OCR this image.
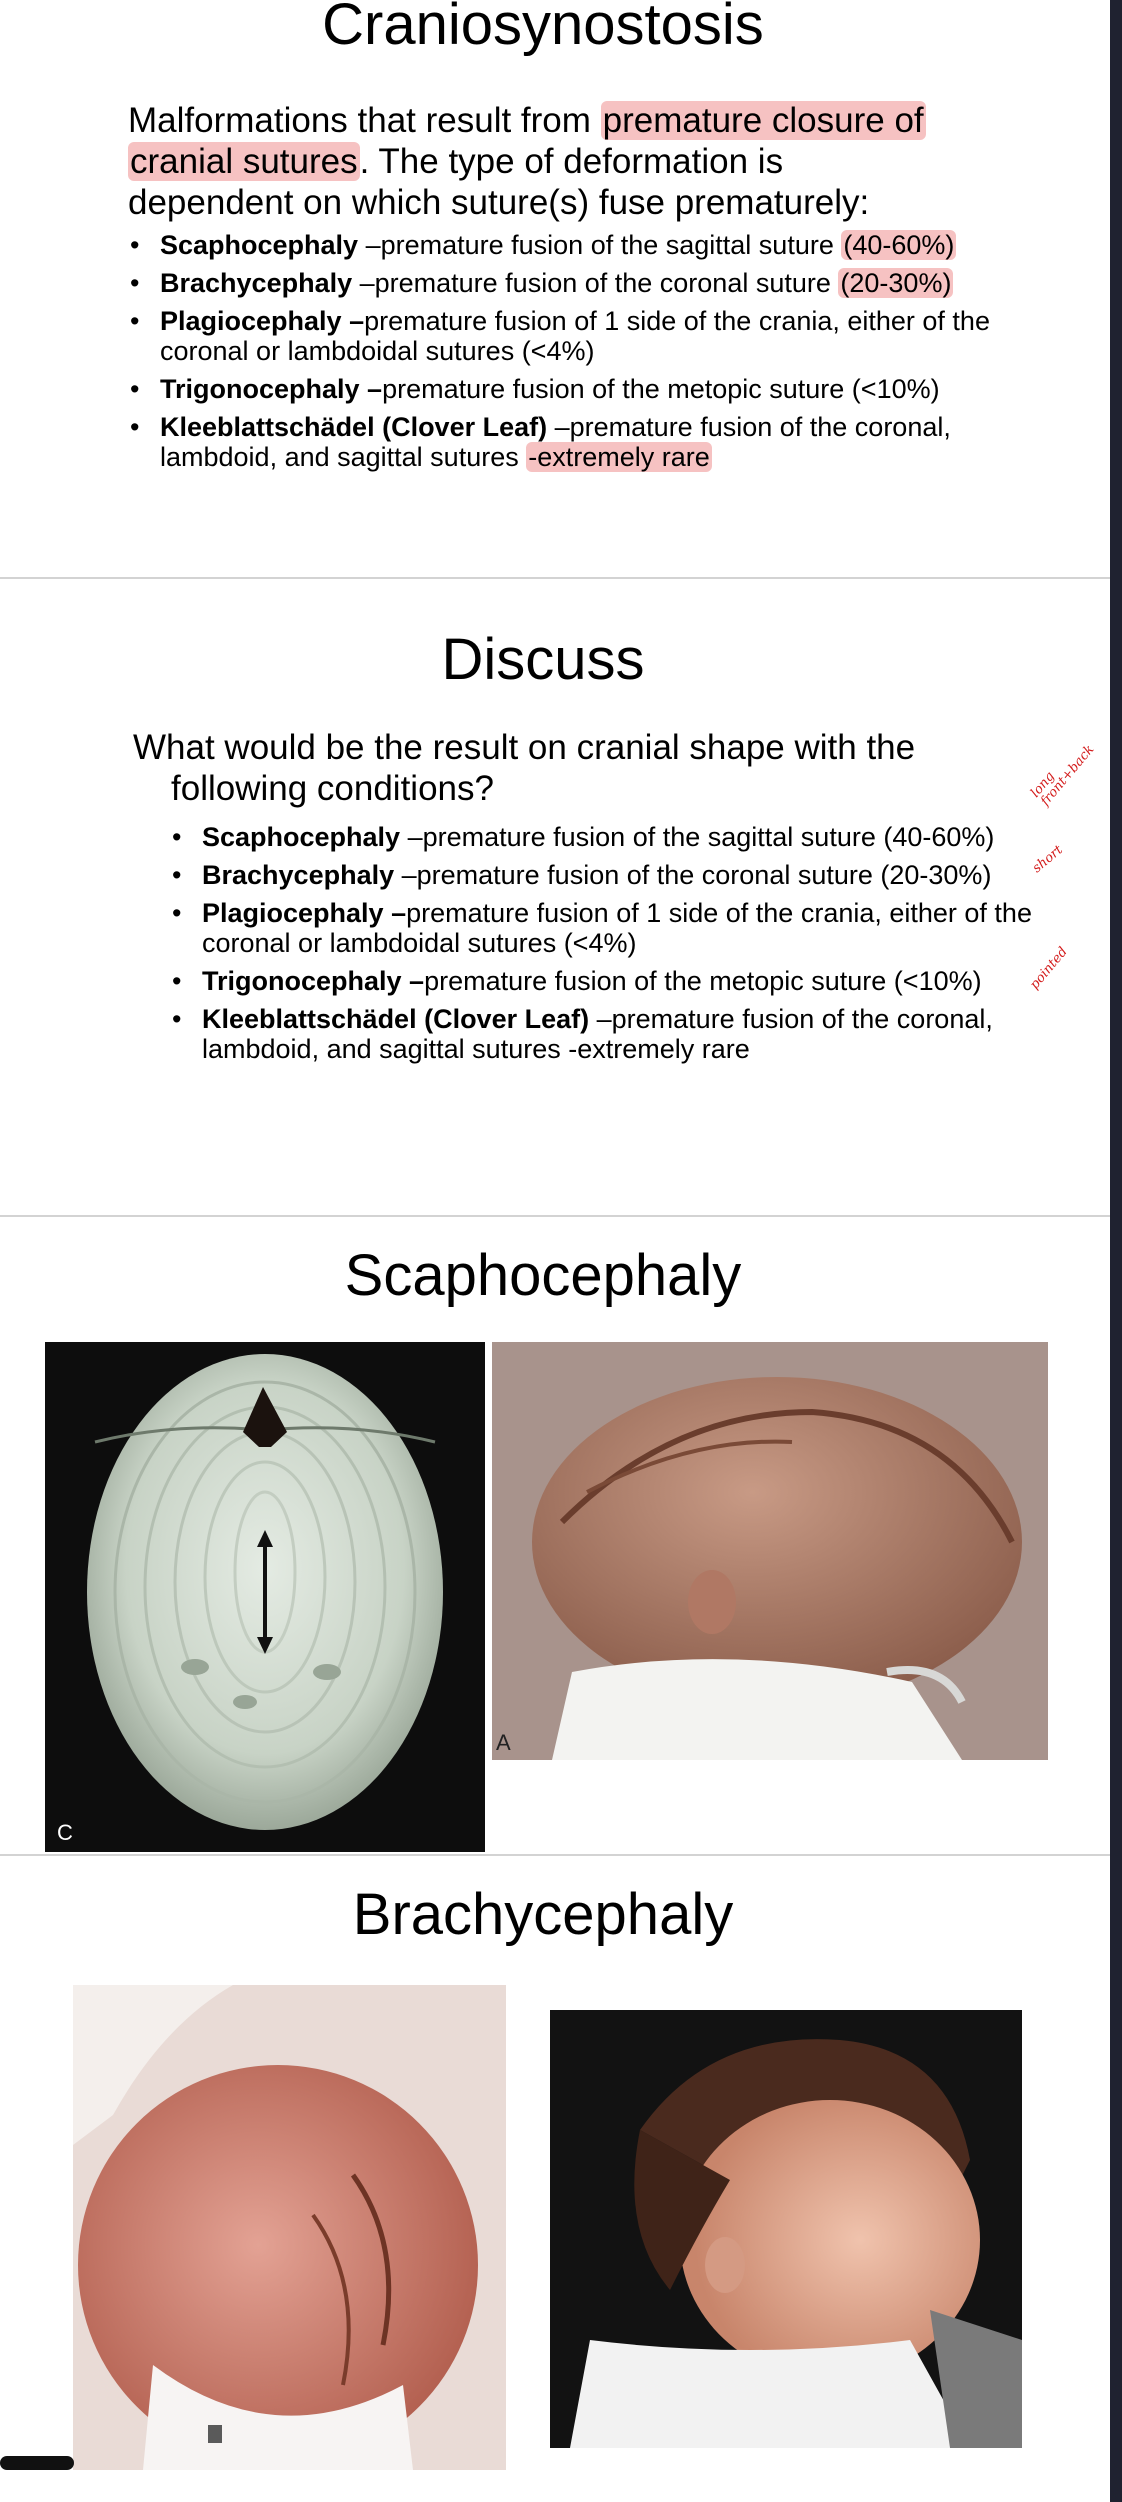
Craniosynostosis
Malformations that result from premature closure of
cranial sutures. The type of deformation is
dependent on which suture(s) fuse prematurely:
• Scaphocephaly –premature fusion of the sagittal suture (40-60%)
• Brachycephaly –premature fusion of the coronal suture (20-30%)
• Plagiocephaly –premature fusion of 1 side of the crania, either of the coronal or lambdoidal sutures (<4%)
• Trigonocephaly –premature fusion of the metopic suture (<10%)
• Kleeblattschädel (Clover Leaf) –premature fusion of the coronal, lambdoid, and sagittal sutures -extremely rare
Discuss
What would be the result on cranial shape with the
following conditions?
• Scaphocephaly –premature fusion of the sagittal suture (40-60%)
• Brachycephaly –premature fusion of the coronal suture (20-30%)
• Plagiocephaly –premature fusion of 1 side of the crania, either of the coronal or lambdoidal sutures (<4%)
• Trigonocephaly –premature fusion of the metopic suture (<10%)
• Kleeblattschädel (Clover Leaf) –premature fusion of the coronal, lambdoid, and sagittal sutures -extremely rare
long front+back
short
pointed
Scaphocephaly
C
A
Brachycephaly
